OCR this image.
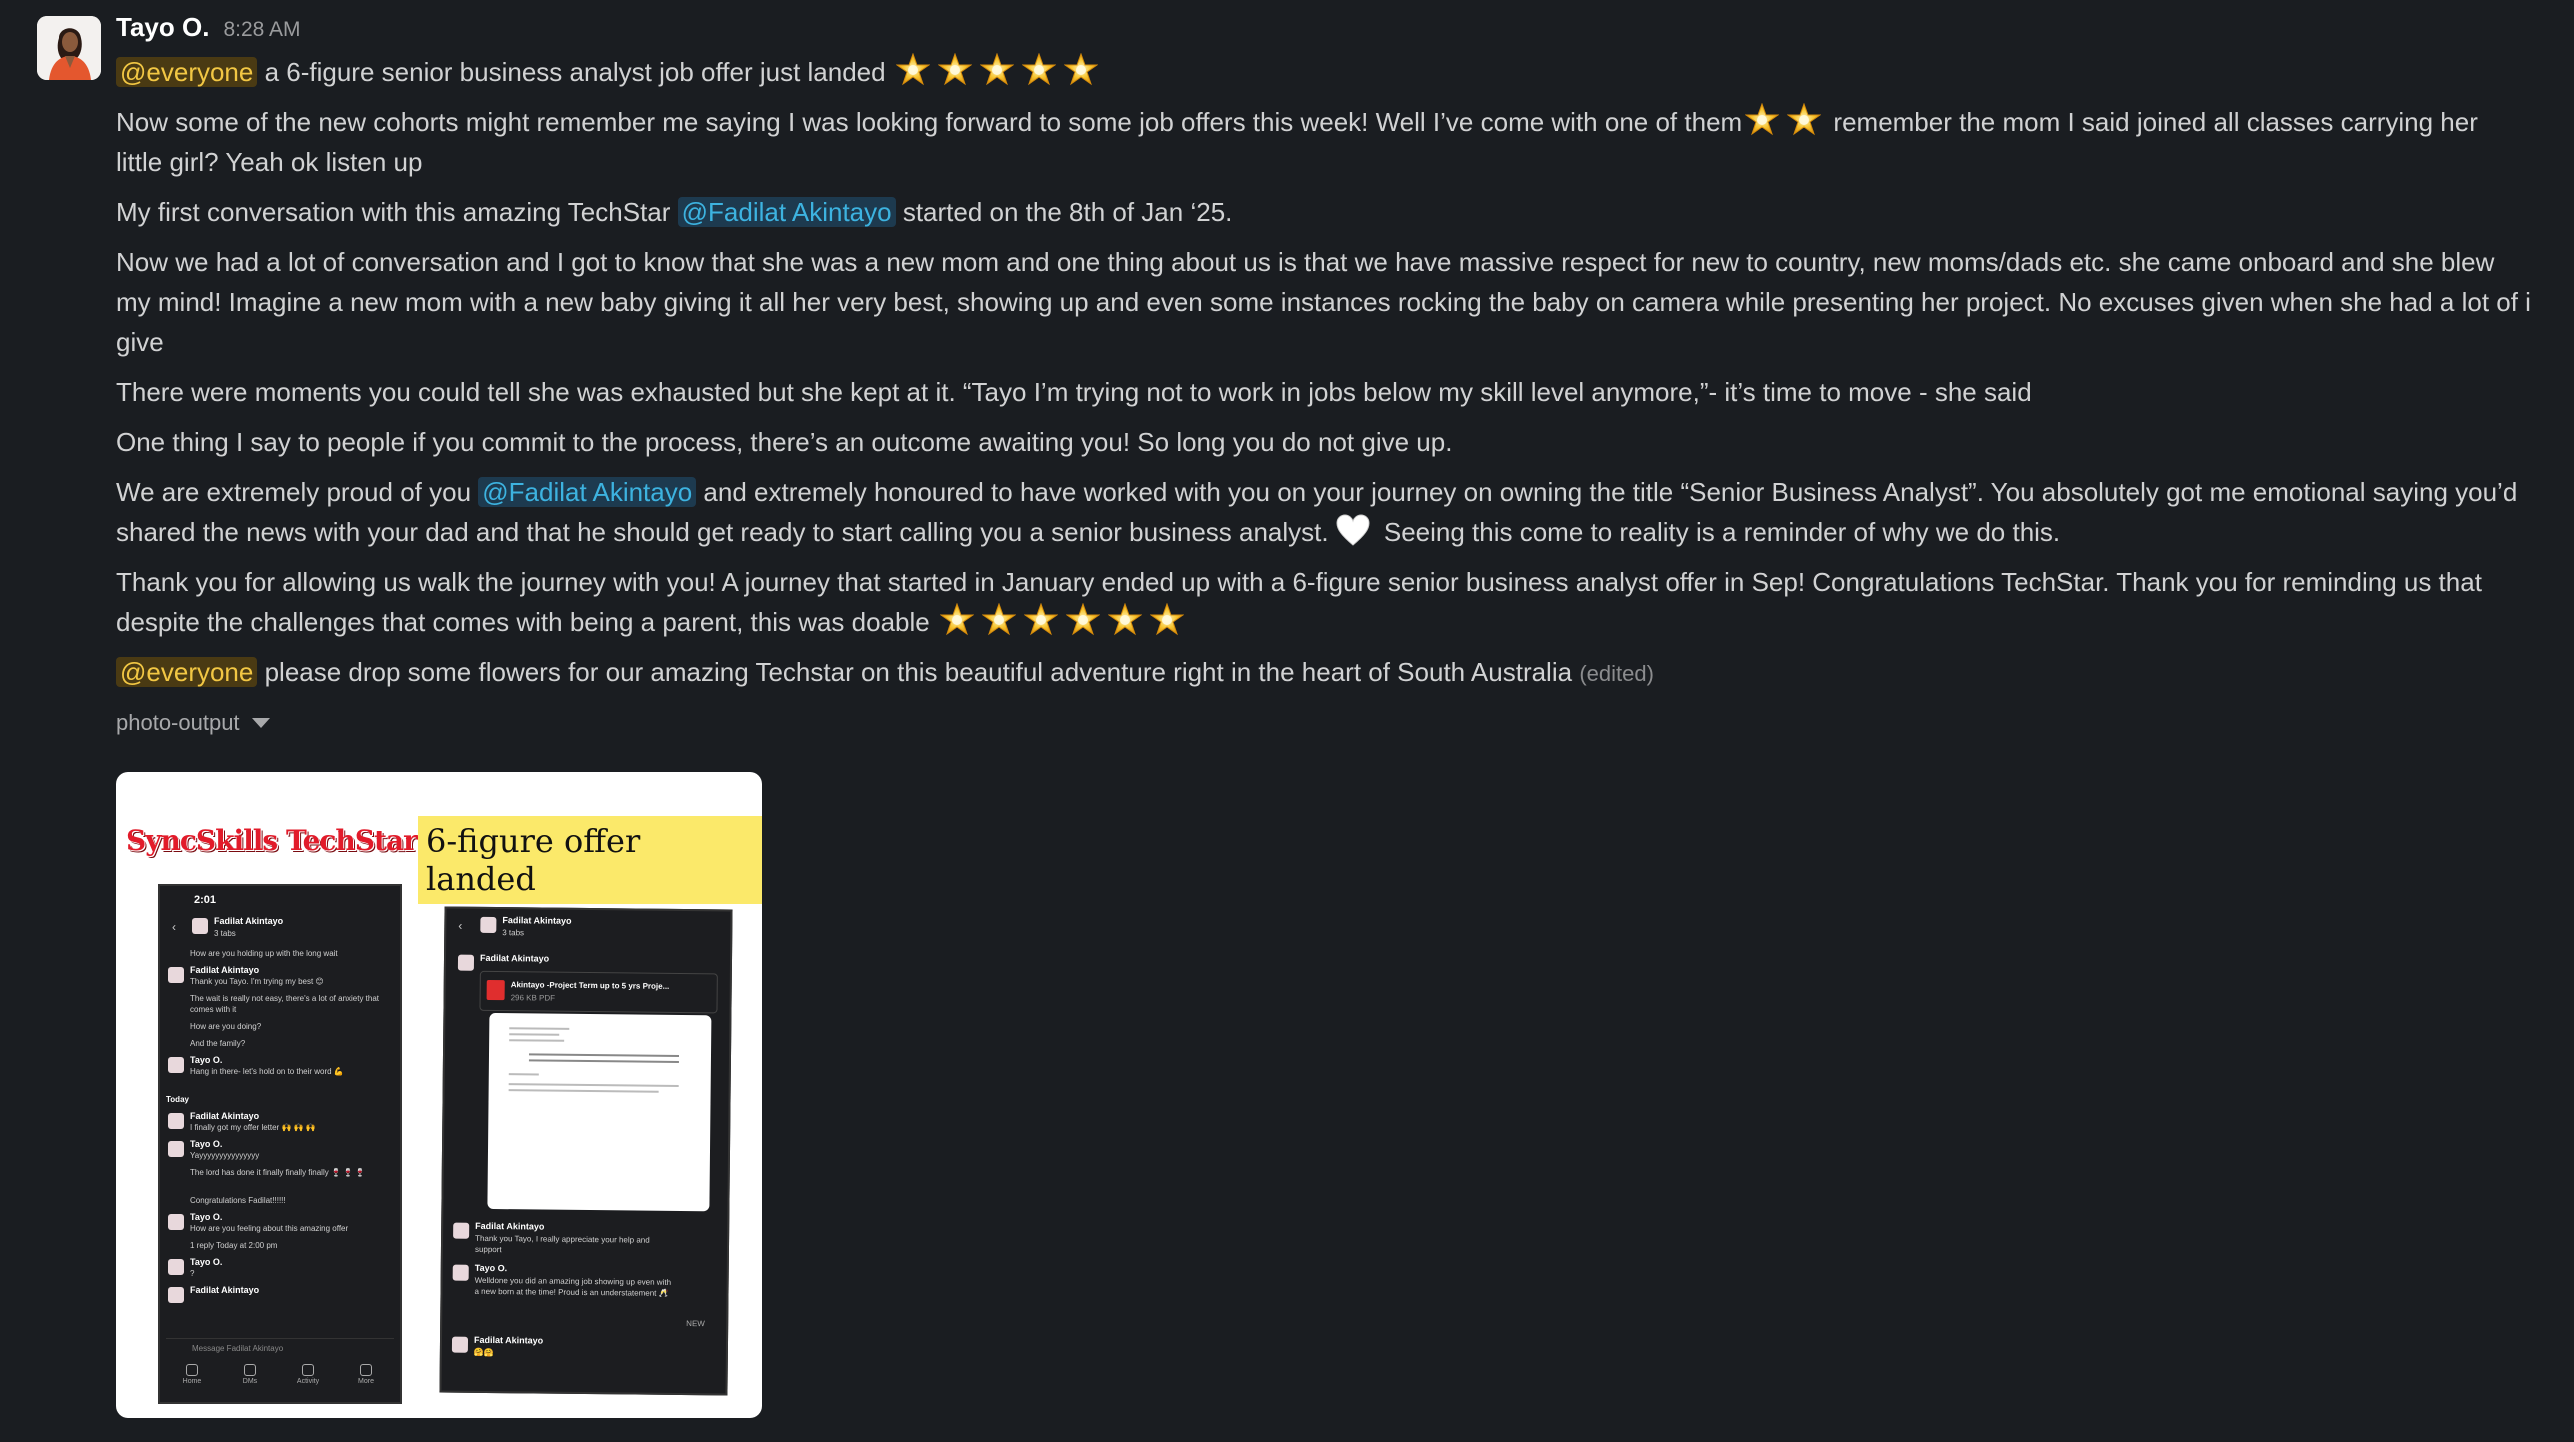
Tayo O. 8:28 AM

@everyone a 6-figure senior business analyst job offer just landed

Now some of the new cohorts might remember me saying I was looking forward to some job offers this week! Well I’ve come with one of them	remember the mom I said joined all classes carrying her
little girl? Yeah ok listen up

My first conversation with this amazing TechStar @Fadilat Akintayo started on the 8th of Jan ‘25.

Now we had a lot of conversation and I got to know that she was a new mom and one thing about us is that we have massive respect for new to country, new moms/dads etc. she came onboard and she blew
my mind! Imagine a new mom with a new baby giving it all her very best, showing up and even some instances rocking the baby on camera while presenting her project. No excuses given when she had a lot of i
give

There were moments you could tell she was exhausted but she kept at it. “Tayo I’m trying not to work in jobs below my skill level anymore,”- it’s time to move - she said

One thing I say to people if you commit to the process, there’s an outcome awaiting you! So long you do not give up.

We are extremely proud of you @Fadilat Akintayo and extremely honoured to have worked with you on your journey on owning the title “Senior Business Analyst”. You absolutely got me emotional saying you’d
shared the news with your dad and that he should get ready to start calling you a senior business analyst. Seeing this come to reality is a reminder of why we do this.

Thank you for allowing us walk the journey with you! A journey that started in January ended up with a 6-figure senior business analyst offer in Sep! Congratulations TechStar. Thank you for reminding us that
despite the challenges that comes with being a parent, this was doable

@everyone please drop some flowers for our amazing Techstar on this beautiful adventure right in the heart of South Australia (edited)

photo-output
SyncSkills TechStar 6-figure offer landed
2:01
‹	Fadilat Akintayo
3 tabs
How are you holding up with the long wait
Fadilat Akintayo
Thank you Tayo. I'm trying my best 😊
The wait is really not easy, there's a lot of anxiety that comes with it
How are you doing?
And the family?
Tayo O.
Hang in there- let's hold on to their word 💪
Today
Fadilat Akintayo
I finally got my offer letter 🙌 🙌 🙌
Tayo O.
Yayyyyyyyyyyyyyyy
The lord has done it finally finally finally 🍷 🍷 🍷
Congratulations Fadilat!!!!!!
Tayo O.
How are you feeling about this amazing offer
1 reply Today at 2:00 pm
Tayo O.
?
Fadilat Akintayo
Message Fadilat Akintayo
Home	DMs	Activity	More
‹	Fadilat Akintayo
3 tabs
Fadilat Akintayo
Akintayo -Project Term up to 5 yrs Proje...
296 KB PDF
Fadilat Akintayo
Thank you Tayo, I really appreciate your help and support
Tayo O.
Welldone you did an amazing job showing up even with a new born at the time! Proud is an understatement 🥂
NEW
Fadilat Akintayo
🤗🤗
